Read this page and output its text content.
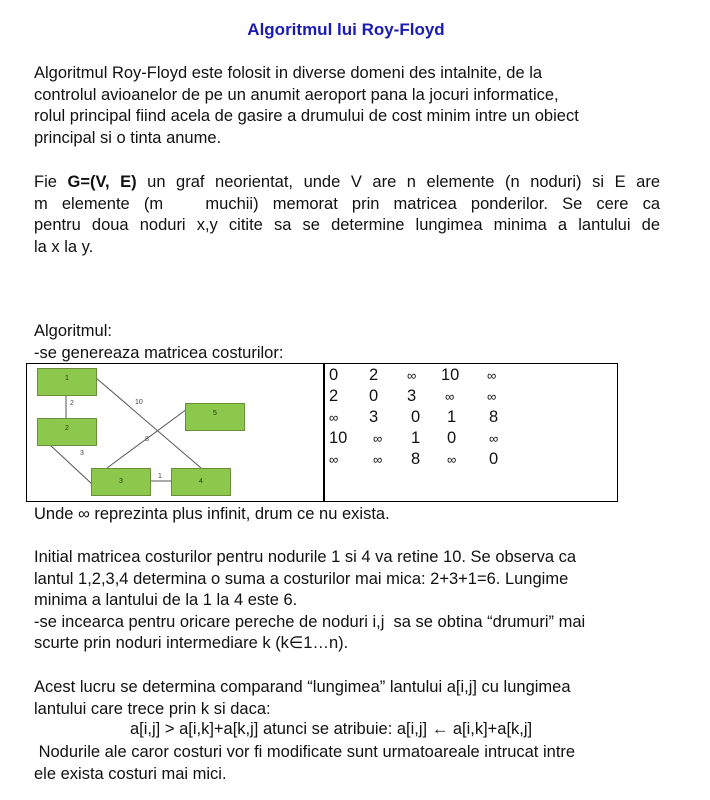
Algoritmul lui Roy-Floyd

Algoritmul Roy-Floyd este folosit in diverse domeni des intalnite, de la
controlul avioanelor de pe un anumit aeroport pana la jocuri informatice,
rolul principal fiind acela de gasire a drumului de cost minim intre un obiect
principal si o tinta anume.

Fie G=(V, E) un graf neorientat, unde V are n elemente (n noduri) si E are
m elemente (m   muchii) memorat prin matricea ponderilor. Se cere ca
pentru doua noduri x,y citite sa se determine lungimea minima a lantului de
la x la y.

Algoritmul:
-se genereaza matricea costurilor:

1
2
3	4
5
2	10
3
1
8
0 2 ∞ 10 ∞
2 0 3 ∞	∞
∞ 3 0 1 8
10 ∞ 1 0	∞
∞	∞ 8 ∞ 0

Unde ∞ reprezinta plus infinit, drum ce nu exista.

Initial matricea costurilor pentru nodurile 1 si 4 va retine 10. Se observa ca
lantul 1,2,3,4 determina o suma a costurilor mai mica: 2+3+1=6. Lungime
minima a lantului de la 1 la 4 este 6.
-se incearca pentru oricare pereche de noduri i,j  sa se obtina “drumuri” mai
scurte prin noduri intermediare k (k∈1…n).

Acest lucru se determina comparand “lungimea” lantului a[i,j] cu lungimea
lantului care trece prin k si daca:

a[i,j] > a[i,k]+a[k,j] atunci se atribuie: a[i,j] ← a[i,k]+a[k,j]

Nodurile ale caror costuri vor fi modificate sunt urmatoareale intrucat intre
ele exista costuri mai mici.
